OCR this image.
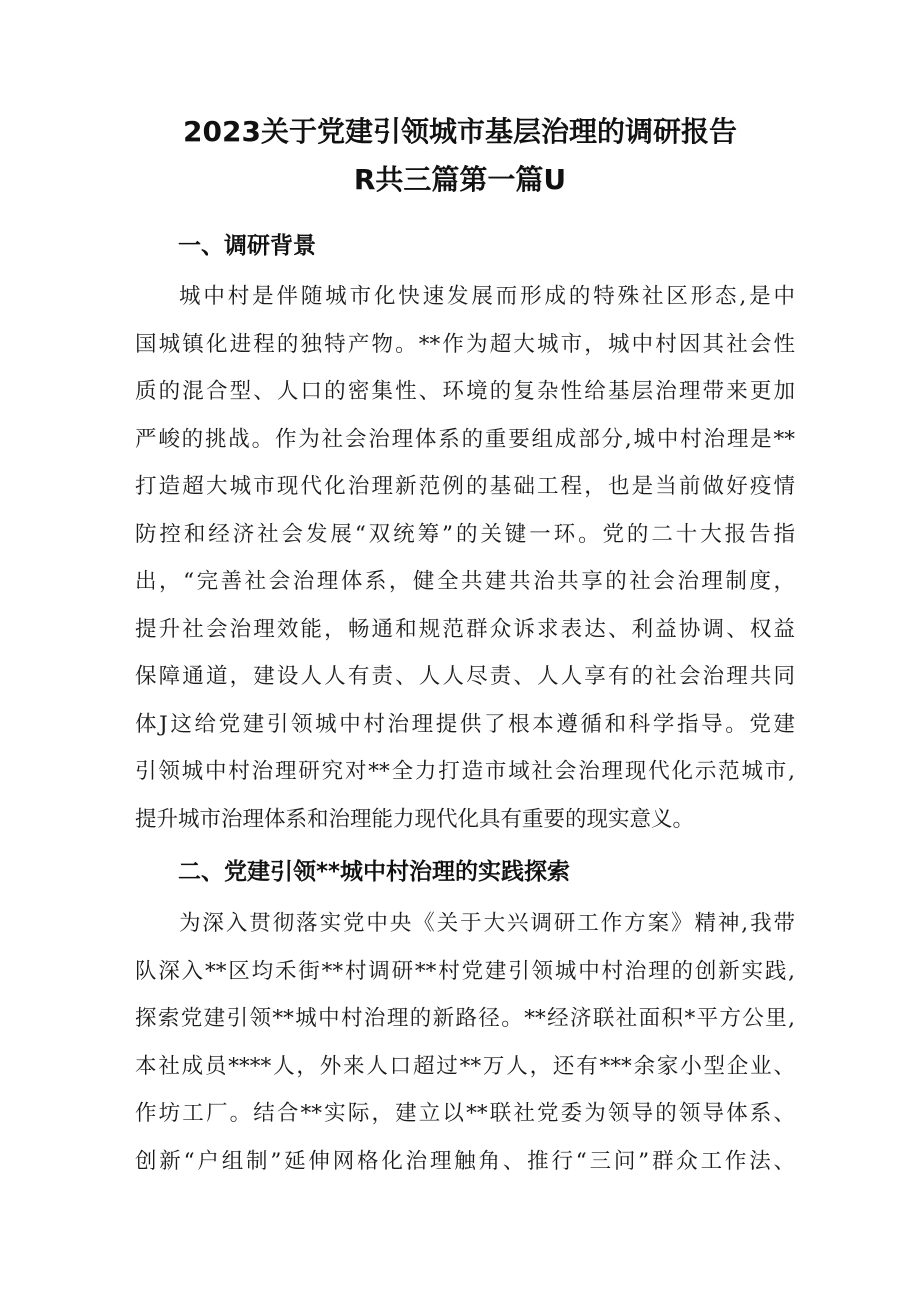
2023关于党建引领城市基层治理的调研报告
R共三篇第一篇U
一、调研背景
城中村是伴随城市化快速发展而形成的特殊社区形态,是中
国城镇化进程的独特产物。**作为超大城市，城中村因其社会性
质的混合型、人口的密集性、环境的复杂性给基层治理带来更加
严峻的挑战。作为社会治理体系的重要组成部分,城中村治理是**
打造超大城市现代化治理新范例的基础工程，也是当前做好疫情
防控和经济社会发展“双统筹”的关键一环。党的二十大报告指
出，“完善社会治理体系，健全共建共治共享的社会治理制度，
提升社会治理效能，畅通和规范群众诉求表达、利益协调、权益
保障通道，建设人人有责、人人尽责、人人享有的社会治理共同
体J这给党建引领城中村治理提供了根本遵循和科学指导。党建
引领城中村治理研究对**全力打造市域社会治理现代化示范城市,
提升城市治理体系和治理能力现代化具有重要的现实意义。
二、党建引领**城中村治理的实践探索
为深入贯彻落实党中央《关于大兴调研工作方案》精神,我带
队深入**区均禾街**村调研**村党建引领城中村治理的创新实践,
探索党建引领**城中村治理的新路径。**经济联社面积*平方公里,
本社成员****人，外来人口超过**万人，还有***余家小型企业、
作坊工厂。结合**实际，建立以**联社党委为领导的领导体系、
创新“户组制”延伸网格化治理触角、推行“三问”群众工作法、
